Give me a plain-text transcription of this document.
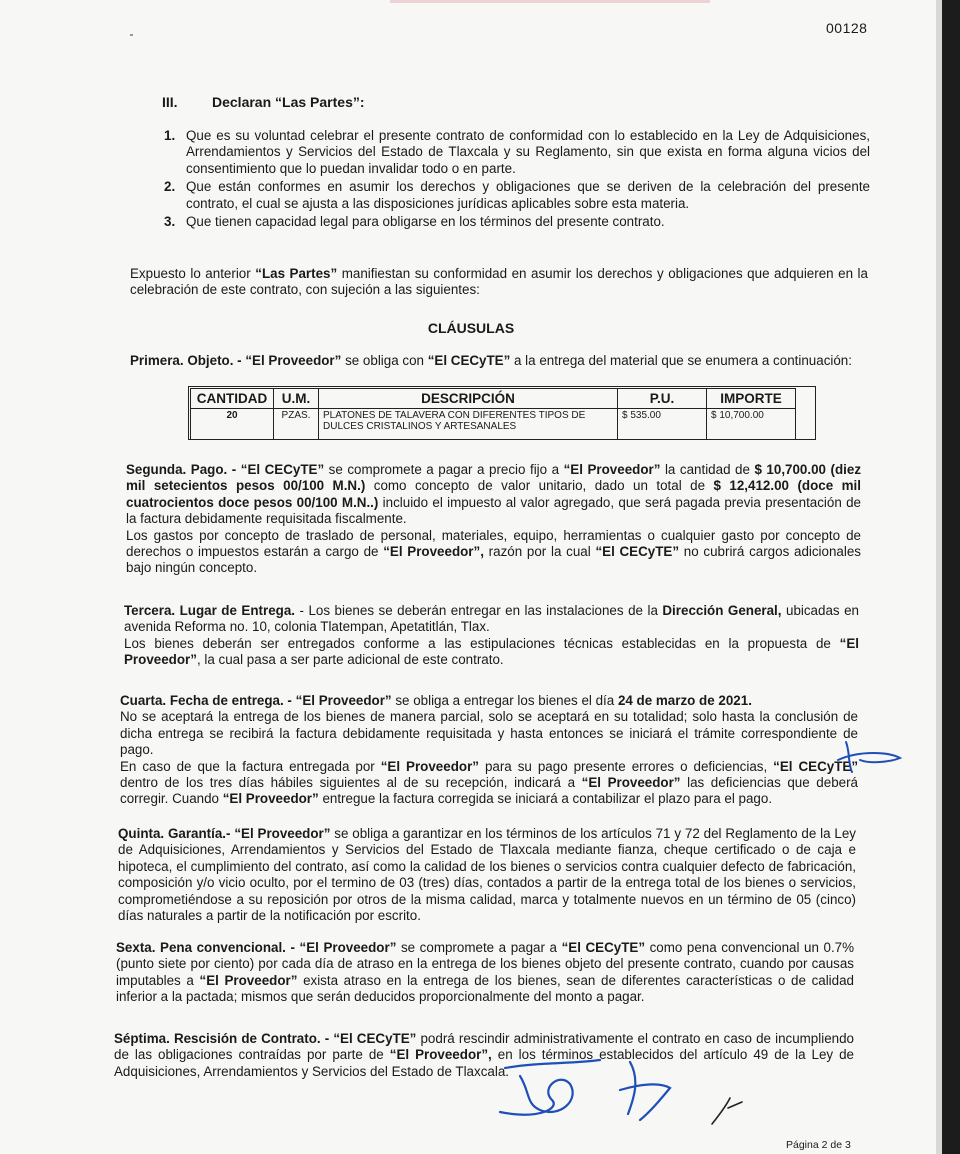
00128
III. Declaran “Las Partes”:
1. Que es su voluntad celebrar el presente contrato de conformidad con lo establecido en la Ley de Adquisiciones, Arrendamientos y Servicios del Estado de Tlaxcala y su Reglamento, sin que exista en forma alguna vicios del consentimiento que lo puedan invalidar todo o en parte.
2. Que están conformes en asumir los derechos y obligaciones que se deriven de la celebración del presente contrato, el cual se ajusta a las disposiciones jurídicas aplicables sobre esta materia.
3. Que tienen capacidad legal para obligarse en los términos del presente contrato.

Expuesto lo anterior “Las Partes” manifiestan su conformidad en asumir los derechos y obligaciones que adquieren en la celebración de este contrato, con sujeción a las siguientes:

CLÁUSULAS

Primera. Objeto. - “El Proveedor” se obliga con “El CECyTE” a la entrega del material que se enumera a continuación:

CANTIDAD	U.M.	DESCRIPCIÓN	P.U.	IMPORTE
20	PZAS.	PLATONES DE TALAVERA CON DIFERENTES TIPOS DE DULCES CRISTALINOS Y ARTESANALES	$ 535.00	$ 10,700.00

Segunda. Pago. - “El CECyTE” se compromete a pagar a precio fijo a “El Proveedor” la cantidad de $ 10,700.00 (diez mil setecientos pesos 00/100 M.N.) como concepto de valor unitario, dado un total de $ 12,412.00 (doce mil cuatrocientos doce pesos 00/100 M.N..) incluido el impuesto al valor agregado, que será pagada previa presentación de la factura debidamente requisitada fiscalmente.

Los gastos por concepto de traslado de personal, materiales, equipo, herramientas o cualquier gasto por concepto de derechos o impuestos estarán a cargo de “El Proveedor”, razón por la cual “El CECyTE” no cubrirá cargos adicionales bajo ningún concepto.

Tercera. Lugar de Entrega. - Los bienes se deberán entregar en las instalaciones de la Dirección General, ubicadas en avenida Reforma no. 10, colonia Tlatempan, Apetatitlán, Tlax.

Los bienes deberán ser entregados conforme a las estipulaciones técnicas establecidas en la propuesta de “El Proveedor”, la cual pasa a ser parte adicional de este contrato.

Cuarta. Fecha de entrega. - “El Proveedor” se obliga a entregar los bienes el día 24 de marzo de 2021.

No se aceptará la entrega de los bienes de manera parcial, solo se aceptará en su totalidad; solo hasta la conclusión de dicha entrega se recibirá la factura debidamente requisitada y hasta entonces se iniciará el trámite correspondiente de pago.

En caso de que la factura entregada por “El Proveedor” para su pago presente errores o deficiencias, “El CECyTE” dentro de los tres días hábiles siguientes al de su recepción, indicará a “El Proveedor” las deficiencias que deberá corregir. Cuando “El Proveedor” entregue la factura corregida se iniciará a contabilizar el plazo para el pago.

Quinta. Garantía.- “El Proveedor” se obliga a garantizar en los términos de los artículos 71 y 72 del Reglamento de la Ley de Adquisiciones, Arrendamientos y Servicios del Estado de Tlaxcala mediante fianza, cheque certificado o de caja e hipoteca, el cumplimiento del contrato, así como la calidad de los bienes o servicios contra cualquier defecto de fabricación, composición y/o vicio oculto, por el termino de 03 (tres) días, contados a partir de la entrega total de los bienes o servicios, comprometiéndose a su reposición por otros de la misma calidad, marca y totalmente nuevos en un término de 05 (cinco) días naturales a partir de la notificación por escrito.

Sexta. Pena convencional. - “El Proveedor” se compromete a pagar a “El CECyTE” como pena convencional un 0.7% (punto siete por ciento) por cada día de atraso en la entrega de los bienes objeto del presente contrato, cuando por causas imputables a “El Proveedor” exista atraso en la entrega de los bienes, sean de diferentes características o de calidad inferior a la pactada; mismos que serán deducidos proporcionalmente del monto a pagar.

Séptima. Rescisión de Contrato. - “El CECyTE” podrá rescindir administrativamente el contrato en caso de incumpliendo de las obligaciones contraídas por parte de “El Proveedor”, en los términos establecidos del artículo 49 de la Ley de Adquisiciones, Arrendamientos y Servicios del Estado de Tlaxcala.

Página 2 de 3
